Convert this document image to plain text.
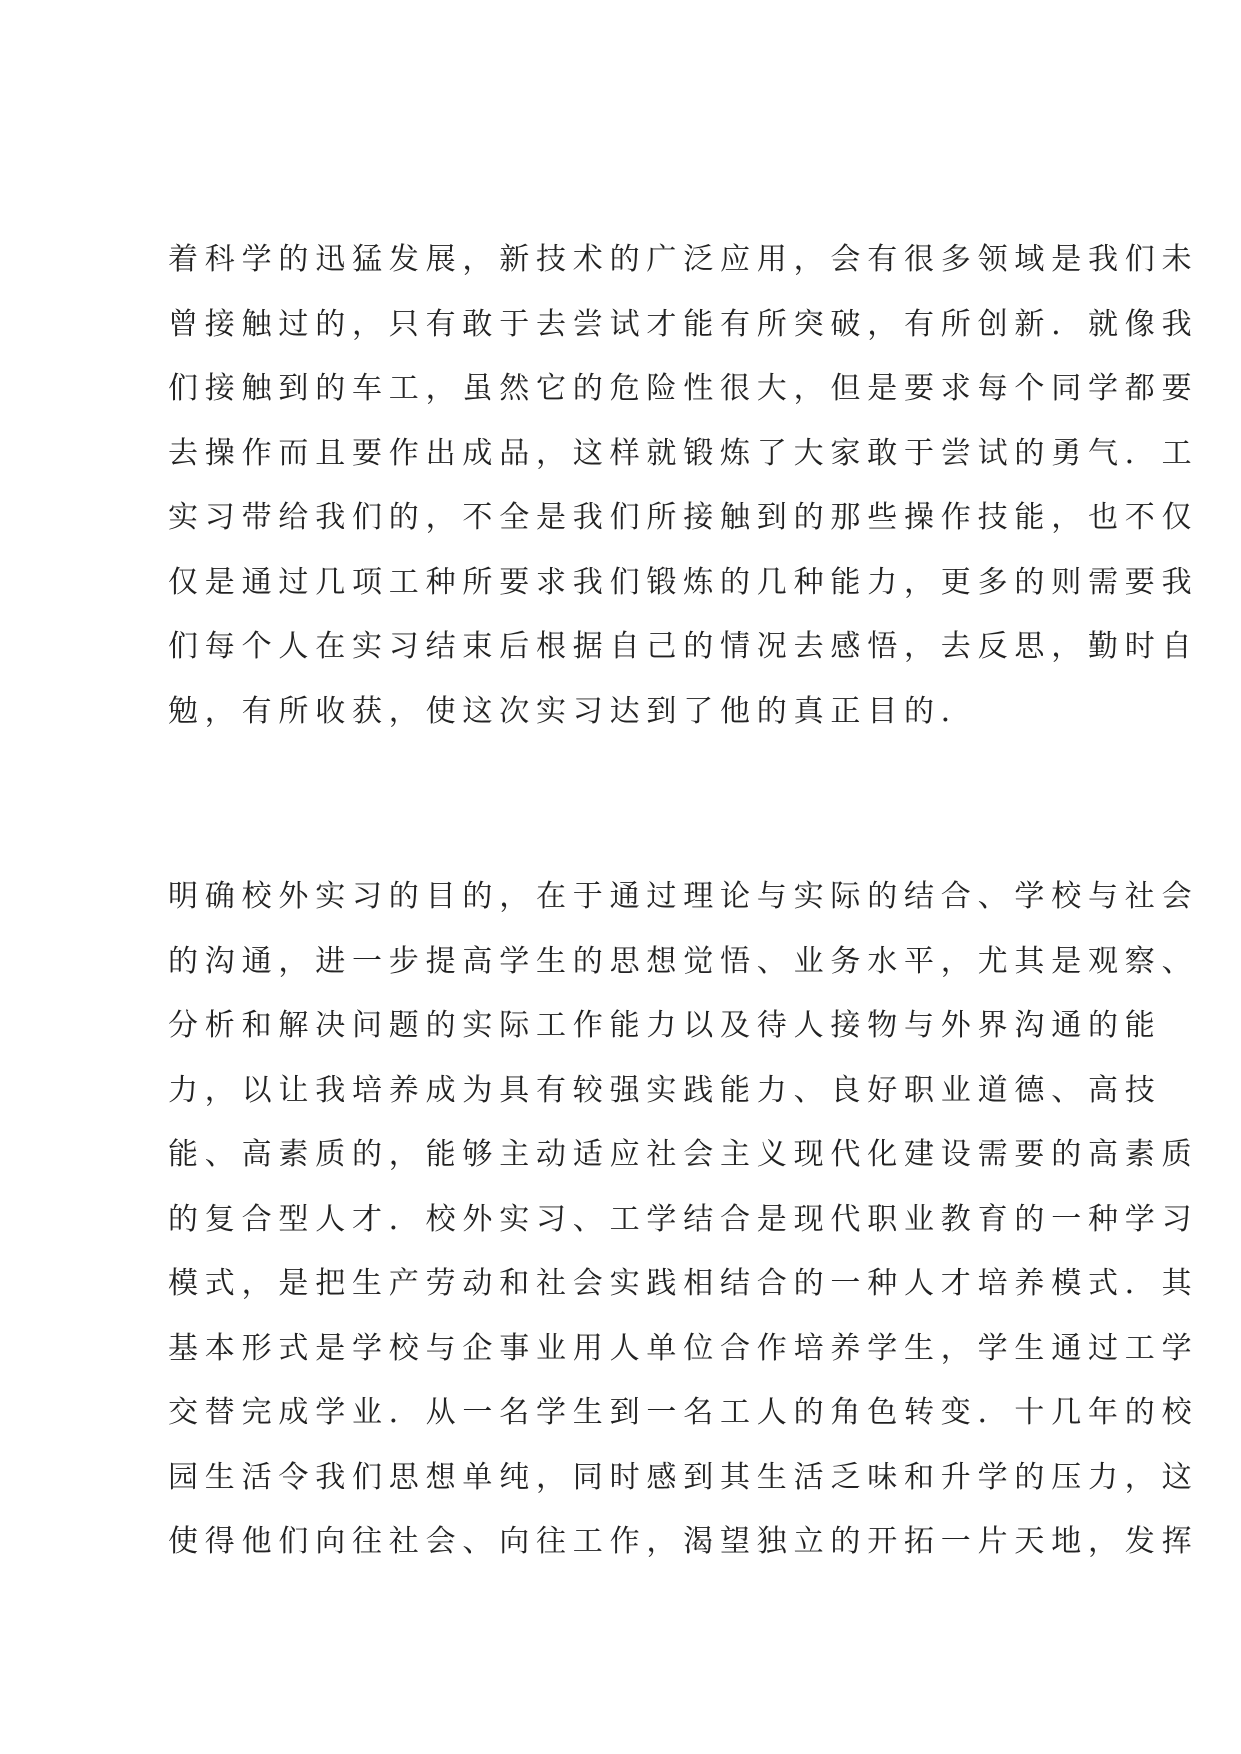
着科学的迅猛发展，新技术的广泛应用，会有很多领域是我们未
曾接触过的，只有敢于去尝试才能有所突破，有所创新．就像我
们接触到的车工，虽然它的危险性很大，但是要求每个同学都要
去操作而且要作出成品，这样就锻炼了大家敢于尝试的勇气．工
实习带给我们的，不全是我们所接触到的那些操作技能，也不仅
仅是通过几项工种所要求我们锻炼的几种能力，更多的则需要我
们每个人在实习结束后根据自己的情况去感悟，去反思，勤时自
勉，有所收获，使这次实习达到了他的真正目的．
明确校外实习的目的，在于通过理论与实际的结合、学校与社会
的沟通，进一步提高学生的思想觉悟、业务水平，尤其是观察、
分析和解决问题的实际工作能力以及待人接物与外界沟通的能
力，以让我培养成为具有较强实践能力、良好职业道德、高技
能、高素质的，能够主动适应社会主义现代化建设需要的高素质
的复合型人才．校外实习、工学结合是现代职业教育的一种学习
模式，是把生产劳动和社会实践相结合的一种人才培养模式．其
基本形式是学校与企事业用人单位合作培养学生，学生通过工学
交替完成学业．从一名学生到一名工人的角色转变．十几年的校
园生活令我们思想单纯，同时感到其生活乏味和升学的压力，这
使得他们向往社会、向往工作，渴望独立的开拓一片天地，发挥
